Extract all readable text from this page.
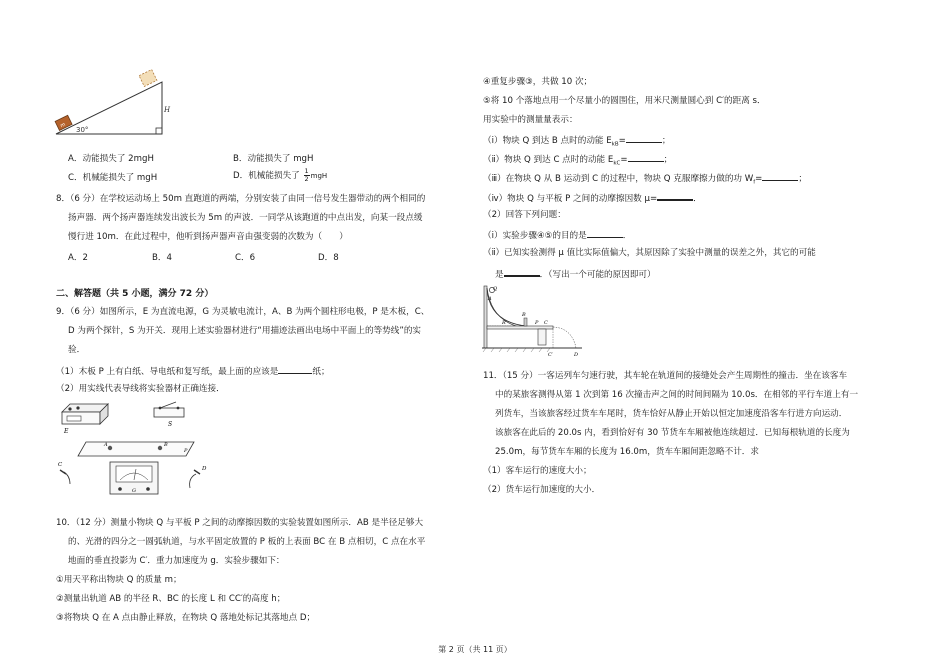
m
30°
H
A．动能损失了 2mgH	B．动能损失了 mgH
C．机械能损失了 mgH	D．机械能损失了 $\frac{1}{2}$ mgH
8．（6 分）在学校运动场上 50m 直跑道的两端，分别安装了由同一信号发生器带动的两个相同的
扬声器．两个扬声器连续发出波长为 5m 的声波．一同学从该跑道的中点出发，向某一段点缓
慢行进 10m．在此过程中，他听到扬声器声音由强变弱的次数为（　　）
A．2	B．4	C．6	D．8
二、解答题（共 5 小题，满分 72 分）
9．（6 分）如图所示，E 为直流电源，G 为灵敏电流计，A、B 为两个圆柱形电极，P 是木板，C、
D 为两个探针，S 为开关．现用上述实验器材进行“用描迹法画出电场中平面上的等势线”的实
验．
（1）木板 P 上有白纸、导电纸和复写纸，最上面的应该是	纸；
（2）用实线代表导线将实验器材正确连接．
E
S
A	B
P
C
D
G
10．（12 分）测量小物块 Q 与平板 P 之间的动摩擦因数的实验装置如图所示．AB 是半径足够大
的、光滑的四分之一圆弧轨道，与水平固定放置的 P 板的上表面 BC 在 B 点相切，C 点在水平
地面的垂直投影为 C′．重力加速度为 g．实验步骤如下：
①用天平称出物块 Q 的质量 m；
②测量出轨道 AB 的半径 R、BC 的长度 L 和 CC′的高度 h；
③将物块 Q 在 A 点由静止释放，在物块 Q 落地处标记其落地点 D；
④重复步骤③，共做 10 次；
⑤将 10 个落地点用一个尽量小的圆围住，用米尺测量圆心到 C′的距离 s．
用实验中的测量量表示：
（ⅰ）物块 Q 到达 B 点时的动能 $E_{kB}=$	；
（ⅱ）物块 Q 到达 C 点时的动能 $E_{kC}=$	；
（ⅲ）在物块 Q 从 B 运动到 C 的过程中，物块 Q 克服摩擦力做的功 $W_f=$	；
（ⅳ）物块 Q 与平板 P 之间的动摩擦因数 μ=	．
（2）回答下列问题：
（ⅰ）实验步骤④⑤的目的是	．
（ⅱ）已知实验测得 μ 值比实际值偏大，其原因除了实验中测量的误差之外，其它的可能
是	．（写出一个可能的原因即可）
Q
A
R
B
P C
C′	D
11．（15 分）一客运列车匀速行驶，其车轮在轨道间的接缝处会产生周期性的撞击．坐在该客车
中的某旅客测得从第 1 次到第 16 次撞击声之间的时间间隔为 10.0s．在相邻的平行车道上有一
列货车，当该旅客经过货车车尾时，货车恰好从静止开始以恒定加速度沿客车行进方向运动．
该旅客在此后的 20.0s 内，看到恰好有 30 节货车车厢被他连续超过．已知每根轨道的长度为
25.0m，每节货车车厢的长度为 16.0m，货车车厢间距忽略不计．求
（1）客车运行的速度大小；
（2）货车运行加速度的大小．
第 2 页（共 11 页）
